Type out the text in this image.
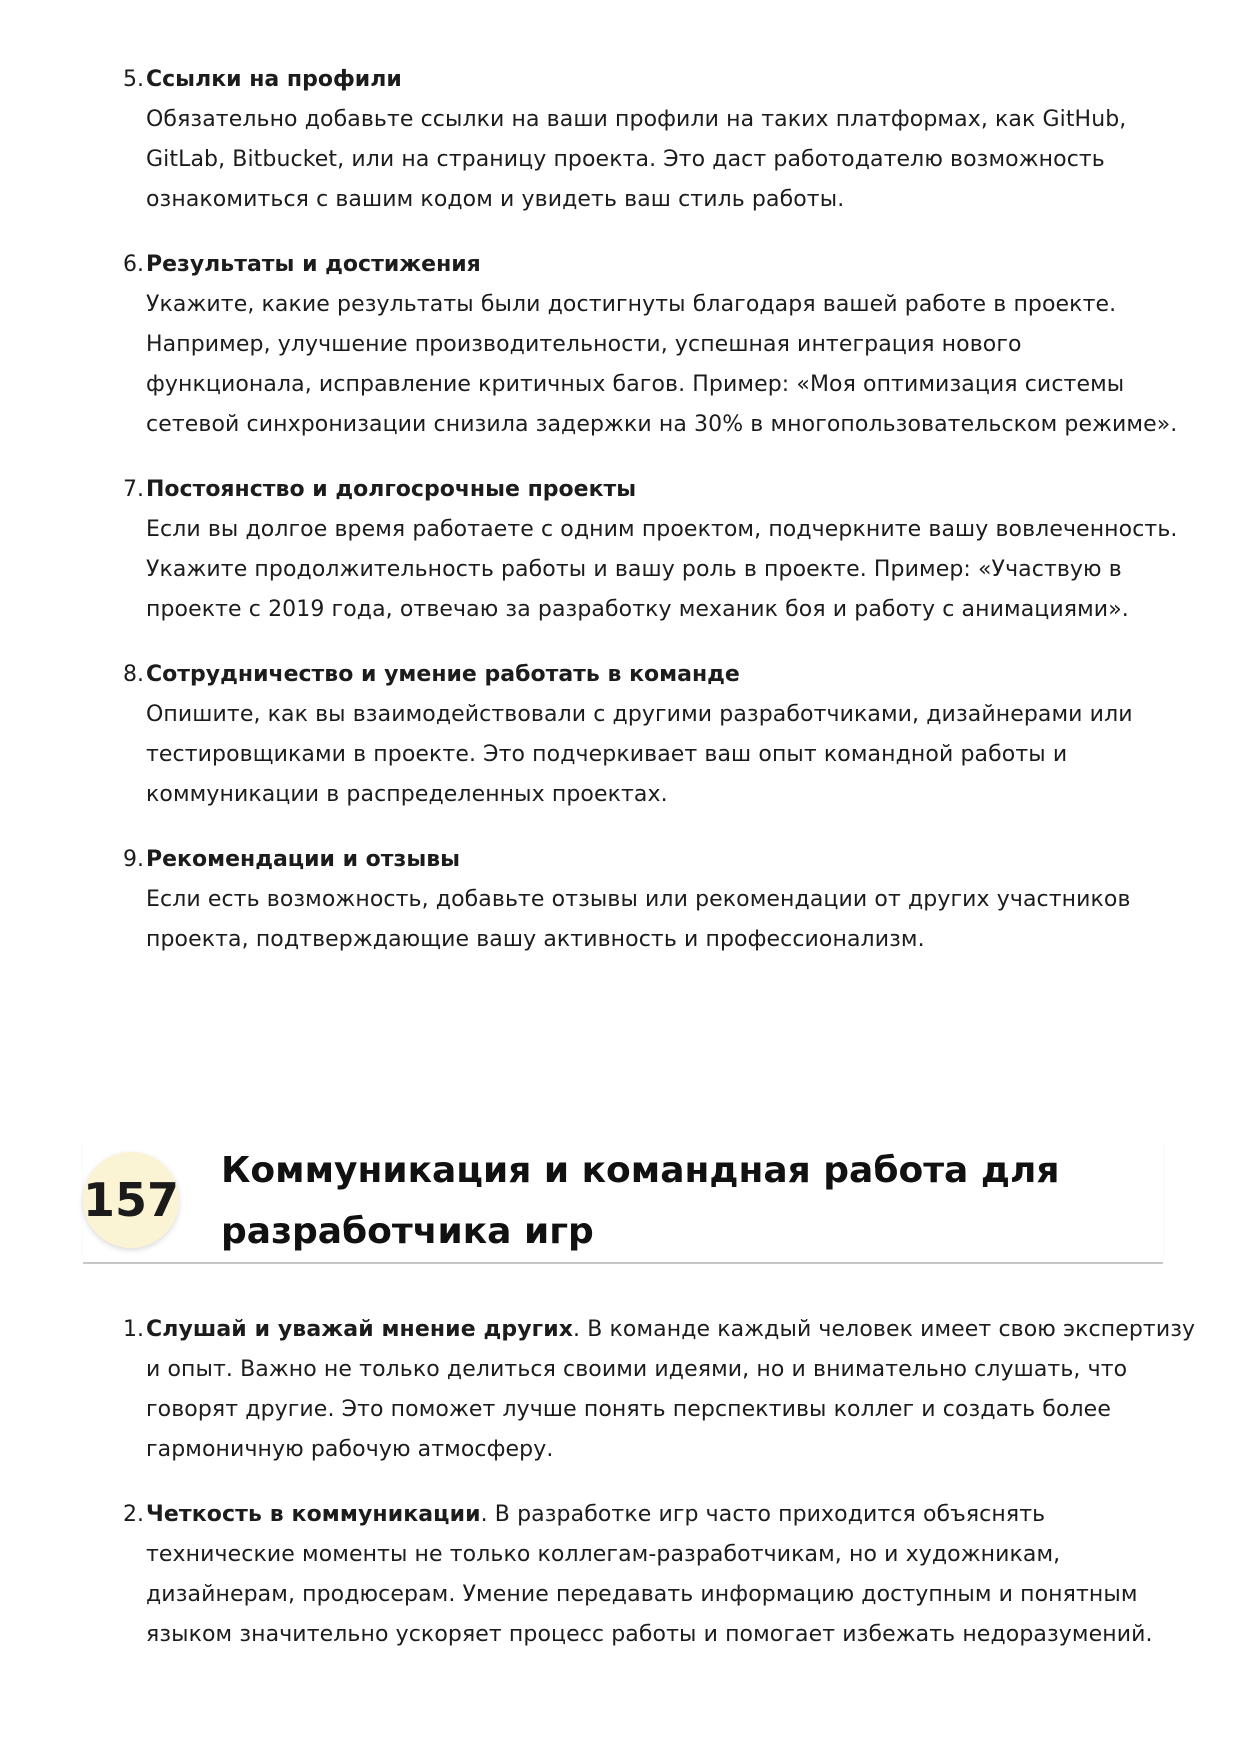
5. Ссылки на профили
Обязательно добавьте ссылки на ваши профили на таких платформах, как GitHub,
GitLab, Bitbucket, или на страницу проекта. Это даст работодателю возможность
ознакомиться с вашим кодом и увидеть ваш стиль работы.
6. Результаты и достижения
Укажите, какие результаты были достигнуты благодаря вашей работе в проекте.
Например, улучшение производительности, успешная интеграция нового
функционала, исправление критичных багов. Пример: «Моя оптимизация системы
сетевой синхронизации снизила задержки на 30% в многопользовательском режиме».
7. Постоянство и долгосрочные проекты
Если вы долгое время работаете с одним проектом, подчеркните вашу вовлеченность.
Укажите продолжительность работы и вашу роль в проекте. Пример: «Участвую в
проекте с 2019 года, отвечаю за разработку механик боя и работу с анимациями».
8. Сотрудничество и умение работать в команде
Опишите, как вы взаимодействовали с другими разработчиками, дизайнерами или
тестировщиками в проекте. Это подчеркивает ваш опыт командной работы и
коммуникации в распределенных проектах.
9. Рекомендации и отзывы
Если есть возможность, добавьте отзывы или рекомендации от других участников
проекта, подтверждающие вашу активность и профессионализм.
157
Коммуникация и командная работа для
разработчика игр
1. Слушай и уважай мнение других. В команде каждый человек имеет свою экспертизу
и опыт. Важно не только делиться своими идеями, но и внимательно слушать, что
говорят другие. Это поможет лучше понять перспективы коллег и создать более
гармоничную рабочую атмосферу.
2. Четкость в коммуникации. В разработке игр часто приходится объяснять
технические моменты не только коллегам-разработчикам, но и художникам,
дизайнерам, продюсерам. Умение передавать информацию доступным и понятным
языком значительно ускоряет процесс работы и помогает избежать недоразумений.
